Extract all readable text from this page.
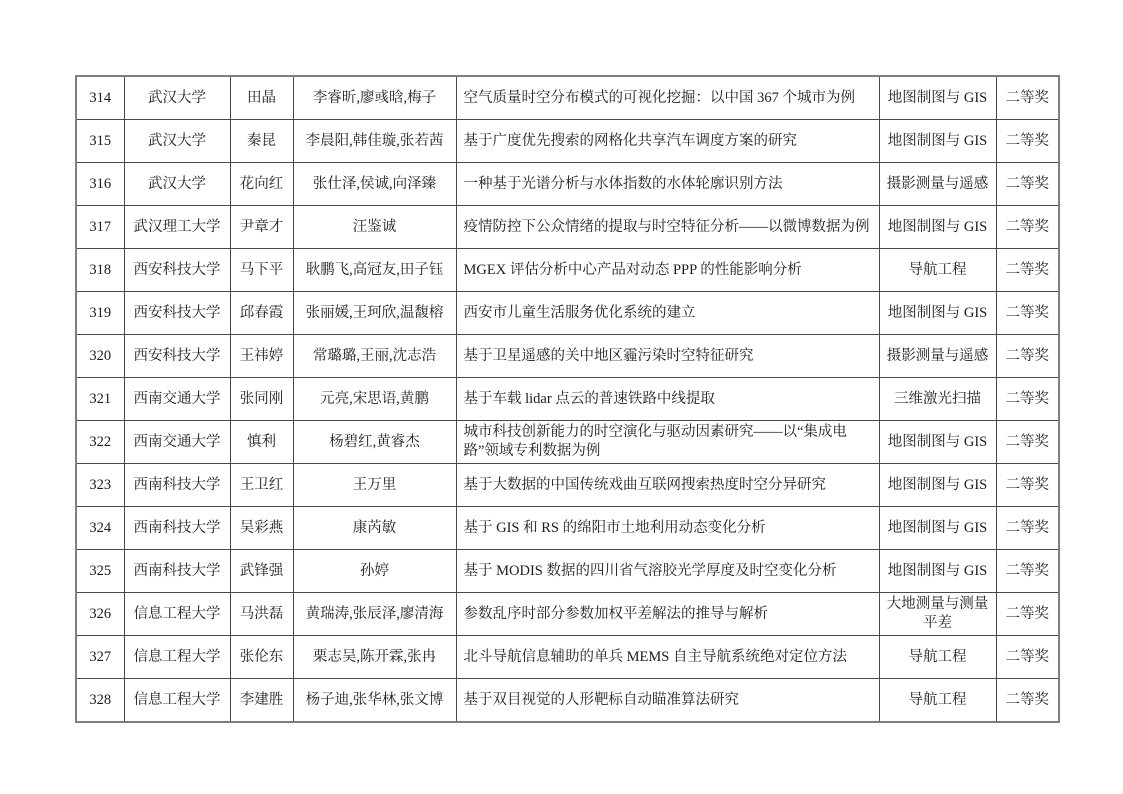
314	武汉大学	田晶	李睿昕,廖彧晗,梅子	空气质量时空分布模式的可视化挖掘：以中国 367 个城市为例	地图制图与 GIS	二等奖
315	武汉大学	秦昆	李晨阳,韩佳璇,张若茜	基于广度优先搜索的网格化共享汽车调度方案的研究	地图制图与 GIS	二等奖
316	武汉大学	花向红	张仕泽,侯诚,向泽臻	一种基于光谱分析与水体指数的水体轮廓识别方法	摄影测量与遥感	二等奖
317	武汉理工大学	尹章才	汪鉴诚	疫情防控下公众情绪的提取与时空特征分析——以微博数据为例	地图制图与 GIS	二等奖
318	西安科技大学	马下平	耿鹏飞,高冠友,田子钰	MGEX 评估分析中心产品对动态 PPP 的性能影响分析	导航工程	二等奖
319	西安科技大学	邱春霞	张丽媛,王珂欣,温馥榕	西安市儿童生活服务优化系统的建立	地图制图与 GIS	二等奖
320	西安科技大学	王祎婷	常璐璐,王丽,沈志浩	基于卫星遥感的关中地区霾污染时空特征研究	摄影测量与遥感	二等奖
321	西南交通大学	张同刚	元亮,宋思语,黄鹏	基于车载 lidar 点云的普速铁路中线提取	三维激光扫描	二等奖
322	西南交通大学	慎利	杨碧红,黄睿杰	城市科技创新能力的时空演化与驱动因素研究——以“集成电路”领域专利数据为例	地图制图与 GIS	二等奖
323	西南科技大学	王卫红	王万里	基于大数据的中国传统戏曲互联网搜索热度时空分异研究	地图制图与 GIS	二等奖
324	西南科技大学	吴彩燕	康芮敏	基于 GIS 和 RS 的绵阳市土地利用动态变化分析	地图制图与 GIS	二等奖
325	西南科技大学	武锋强	孙婷	基于 MODIS 数据的四川省气溶胶光学厚度及时空变化分析	地图制图与 GIS	二等奖
326	信息工程大学	马洪磊	黄瑞涛,张辰泽,廖清海	参数乱序时部分参数加权平差解法的推导与解析	大地测量与测量平差	二等奖
327	信息工程大学	张伦东	栗志吴,陈开霖,张冉	北斗导航信息辅助的单兵 MEMS 自主导航系统绝对定位方法	导航工程	二等奖
328	信息工程大学	李建胜	杨子迪,张华林,张文博	基于双目视觉的人形靶标自动瞄准算法研究	导航工程	二等奖
